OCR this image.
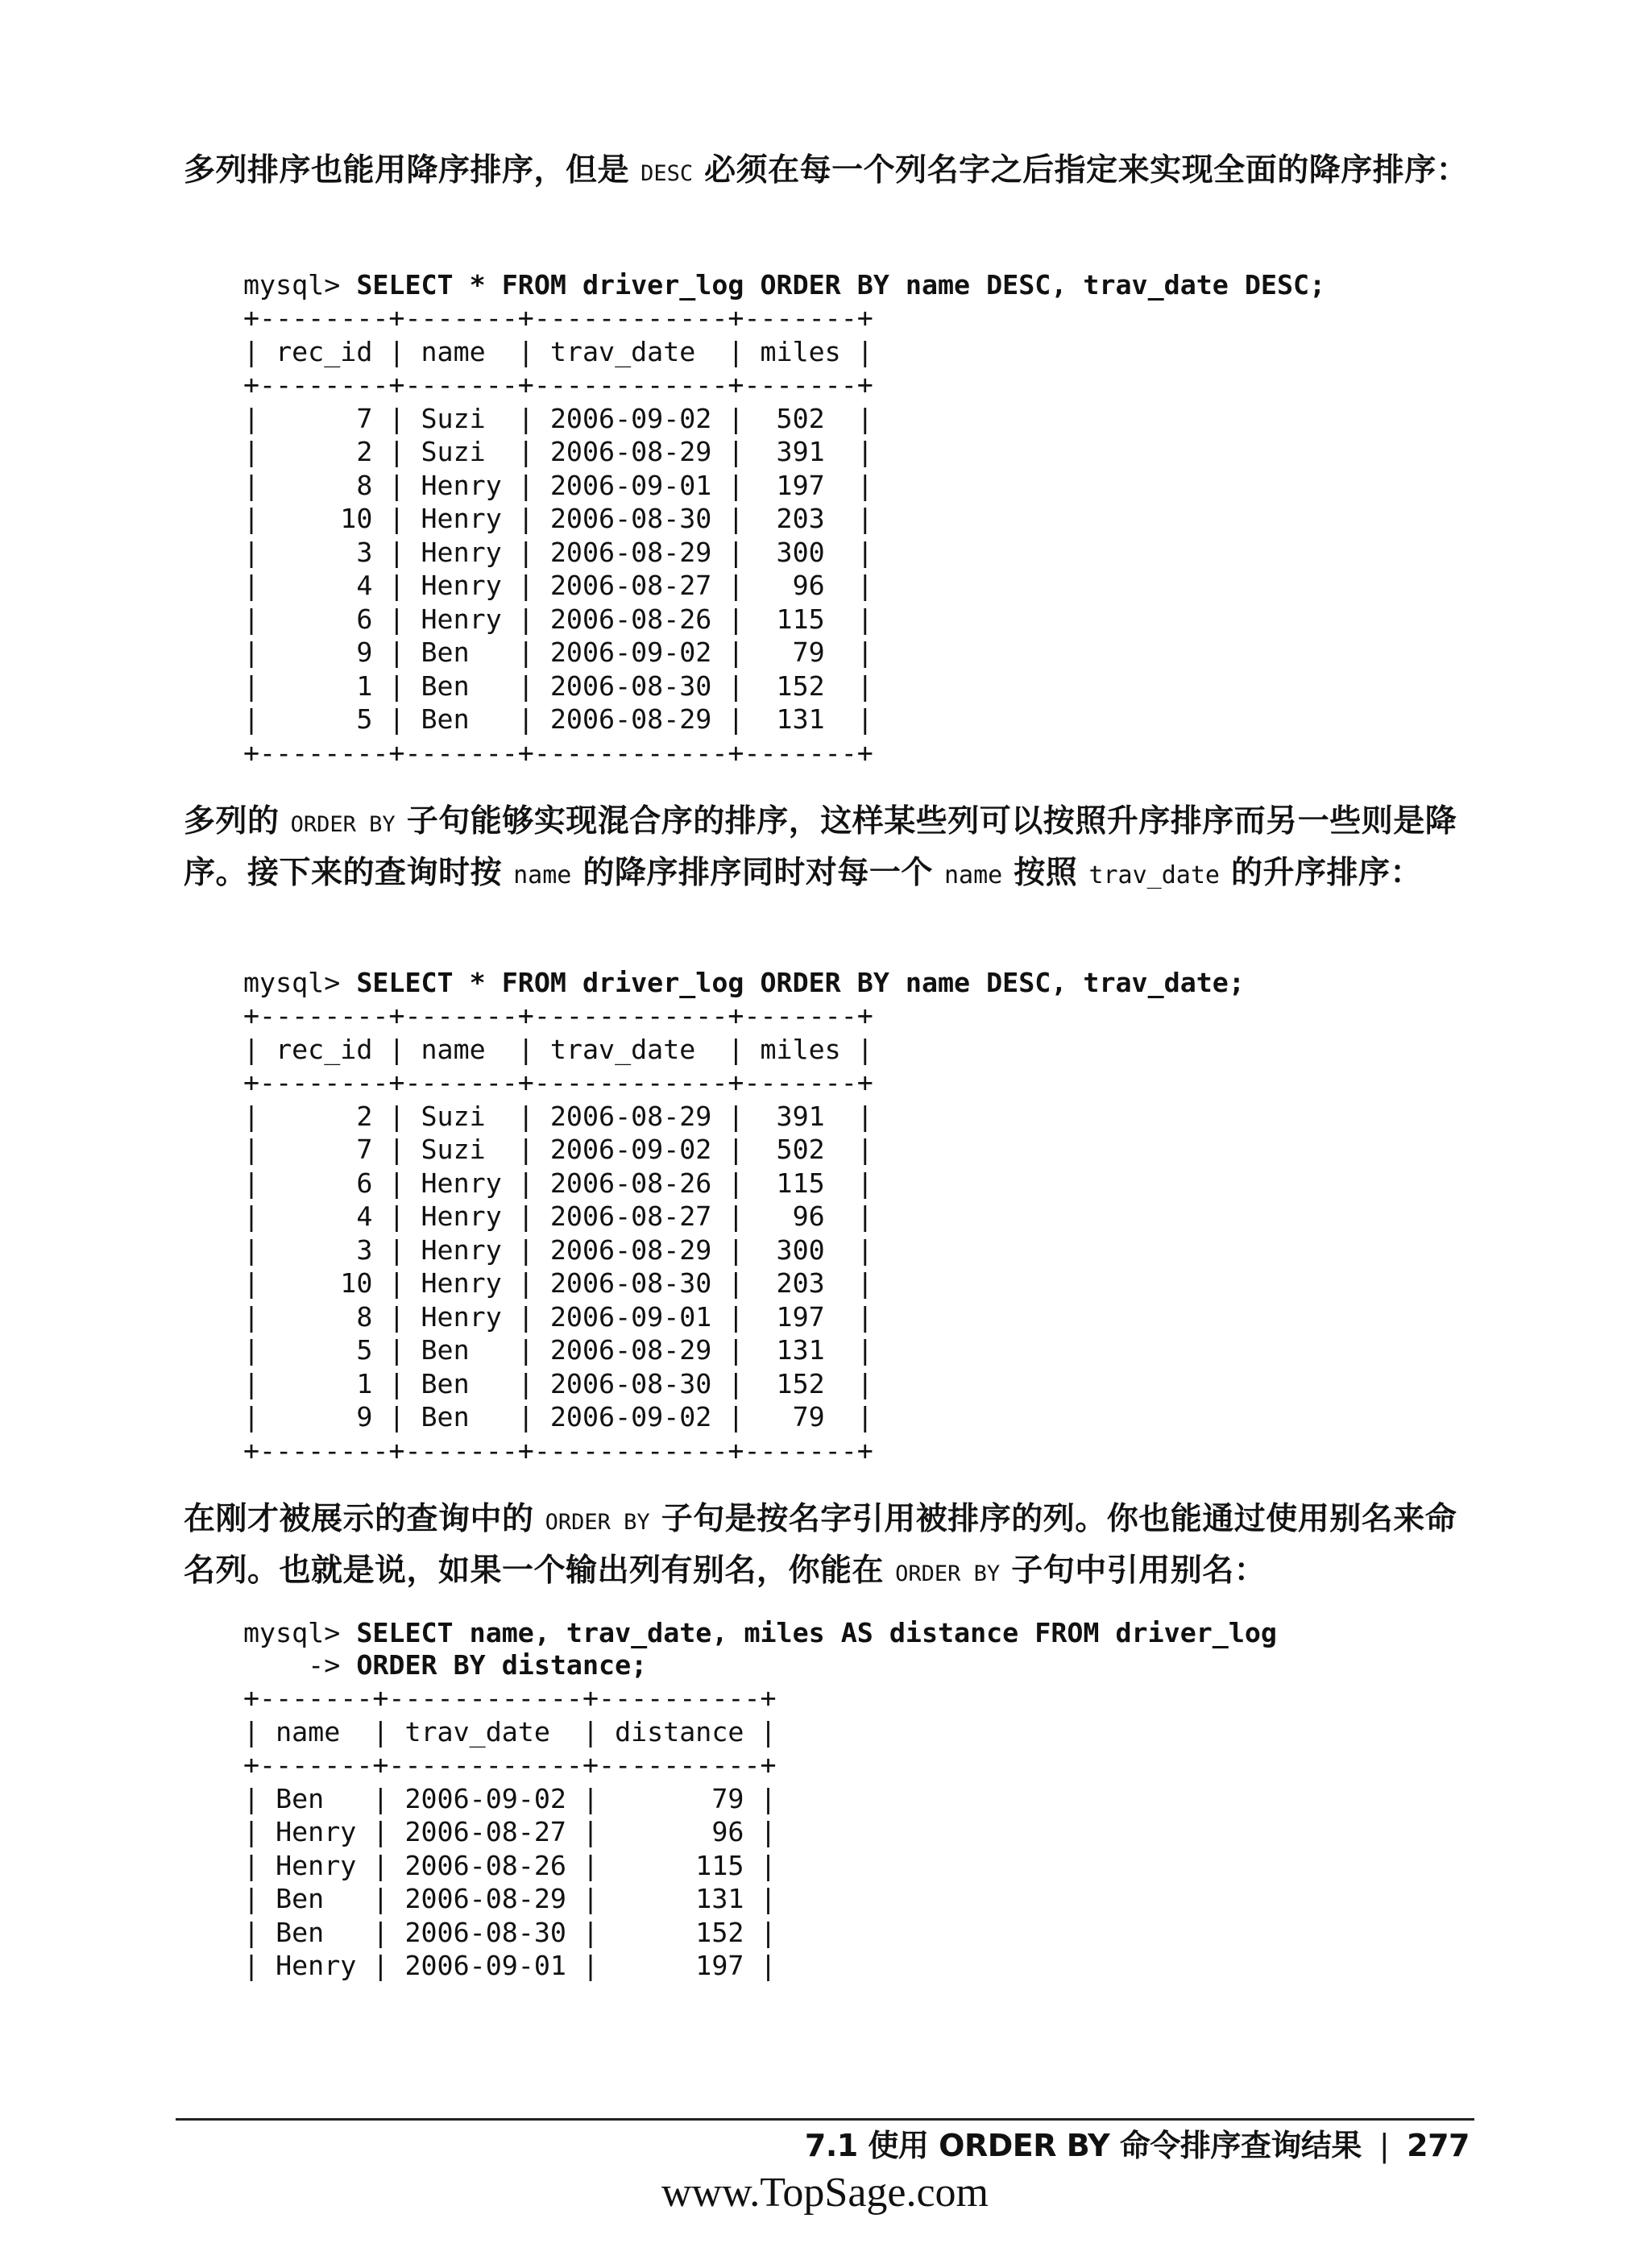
多列排序也能用降序排序，但是 DESC 必须在每一个列名字之后指定来实现全面的降序排序：

mysql> SELECT * FROM driver_log ORDER BY name DESC, trav_date DESC;
+--------+-------+------------+-------+
| rec_id | name  | trav_date  | miles |
+--------+-------+------------+-------+
|      7 | Suzi  | 2006-09-02 |  502  |
|      2 | Suzi  | 2006-08-29 |  391  |
|      8 | Henry | 2006-09-01 |  197  |
|     10 | Henry | 2006-08-30 |  203  |
|      3 | Henry | 2006-08-29 |  300  |
|      4 | Henry | 2006-08-27 |   96  |
|      6 | Henry | 2006-08-26 |  115  |
|      9 | Ben   | 2006-09-02 |   79  |
|      1 | Ben   | 2006-08-30 |  152  |
|      5 | Ben   | 2006-08-29 |  131  |
+--------+-------+------------+-------+

多列的 ORDER BY 子句能够实现混合序的排序，这样某些列可以按照升序排序而另一些则是降序。接下来的查询时按 name 的降序排序同时对每一个 name 按照 trav_date 的升序排序：

mysql> SELECT * FROM driver_log ORDER BY name DESC, trav_date;
+--------+-------+------------+-------+
| rec_id | name  | trav_date  | miles |
+--------+-------+------------+-------+
|      2 | Suzi  | 2006-08-29 |  391  |
|      7 | Suzi  | 2006-09-02 |  502  |
|      6 | Henry | 2006-08-26 |  115  |
|      4 | Henry | 2006-08-27 |   96  |
|      3 | Henry | 2006-08-29 |  300  |
|     10 | Henry | 2006-08-30 |  203  |
|      8 | Henry | 2006-09-01 |  197  |
|      5 | Ben   | 2006-08-29 |  131  |
|      1 | Ben   | 2006-08-30 |  152  |
|      9 | Ben   | 2006-09-02 |   79  |
+--------+-------+------------+-------+

在刚才被展示的查询中的 ORDER BY 子句是按名字引用被排序的列。你也能通过使用别名来命名列。也就是说，如果一个输出列有别名，你能在 ORDER BY 子句中引用别名：

mysql> SELECT name, trav_date, miles AS distance FROM driver_log
-> ORDER BY distance;
+-------+------------+----------+
| name  | trav_date  | distance |
+-------+------------+----------+
| Ben   | 2006-09-02 |       79 |
| Henry | 2006-08-27 |       96 |
| Henry | 2006-08-26 |      115 |
| Ben   | 2006-08-29 |      131 |
| Ben   | 2006-08-30 |      152 |
| Henry | 2006-09-01 |      197 |

7.1 使用 ORDER BY 命令排序查询结果 | 277

www.TopSage.com
